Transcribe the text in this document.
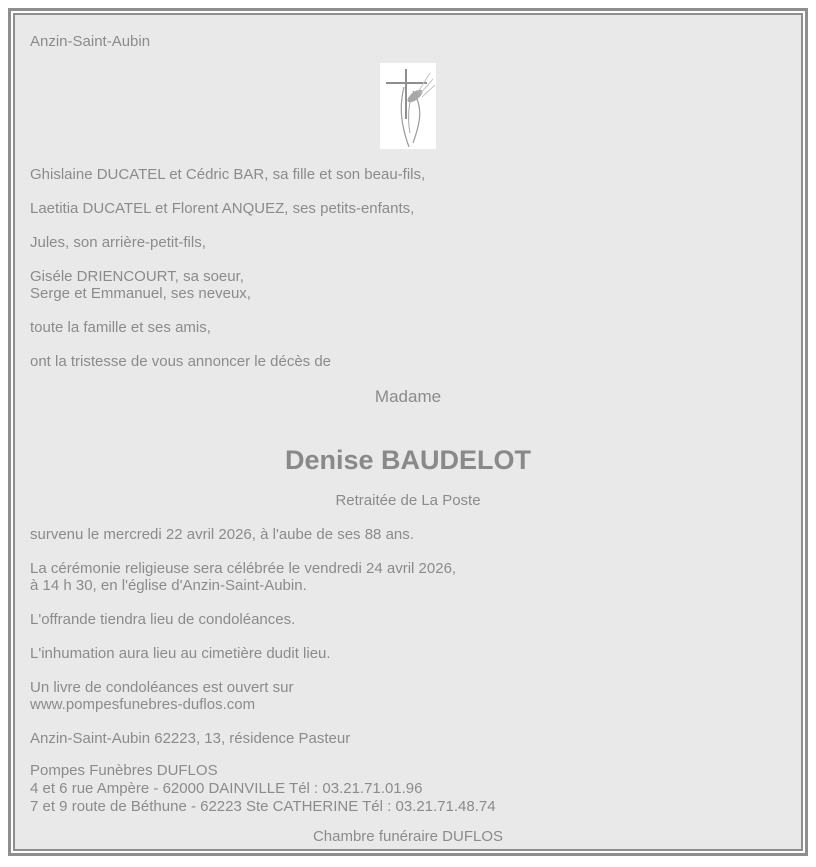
Anzin-Saint-Aubin

Ghislaine DUCATEL et Cédric BAR, sa fille et son beau-fils,

Laetitia DUCATEL et Florent ANQUEZ, ses petits-enfants,

Jules, son arrière-petit-fils,

Giséle DRIENCOURT, sa soeur,
Serge et Emmanuel, ses neveux,

toute la famille et ses amis,

ont la tristesse de vous annoncer le décès de

Madame
Denise BAUDELOT
Retraitée de La Poste

survenu le mercredi 22 avril 2026, à l'aube de ses 88 ans.

La cérémonie religieuse sera célébrée le vendredi 24 avril 2026,
à 14 h 30, en l'église d'Anzin-Saint-Aubin.

L'offrande tiendra lieu de condoléances.

L'inhumation aura lieu au cimetière dudit lieu.

Un livre de condoléances est ouvert sur
www.pompesfunebres-duflos.com

Anzin-Saint-Aubin 62223, 13, résidence Pasteur

Pompes Funèbres DUFLOS
4 et 6 rue Ampère - 62000 DAINVILLE Tél : 03.21.71.01.96
7 et 9 route de Béthune - 62223 Ste CATHERINE Tél : 03.21.71.48.74
Chambre funéraire DUFLOS
